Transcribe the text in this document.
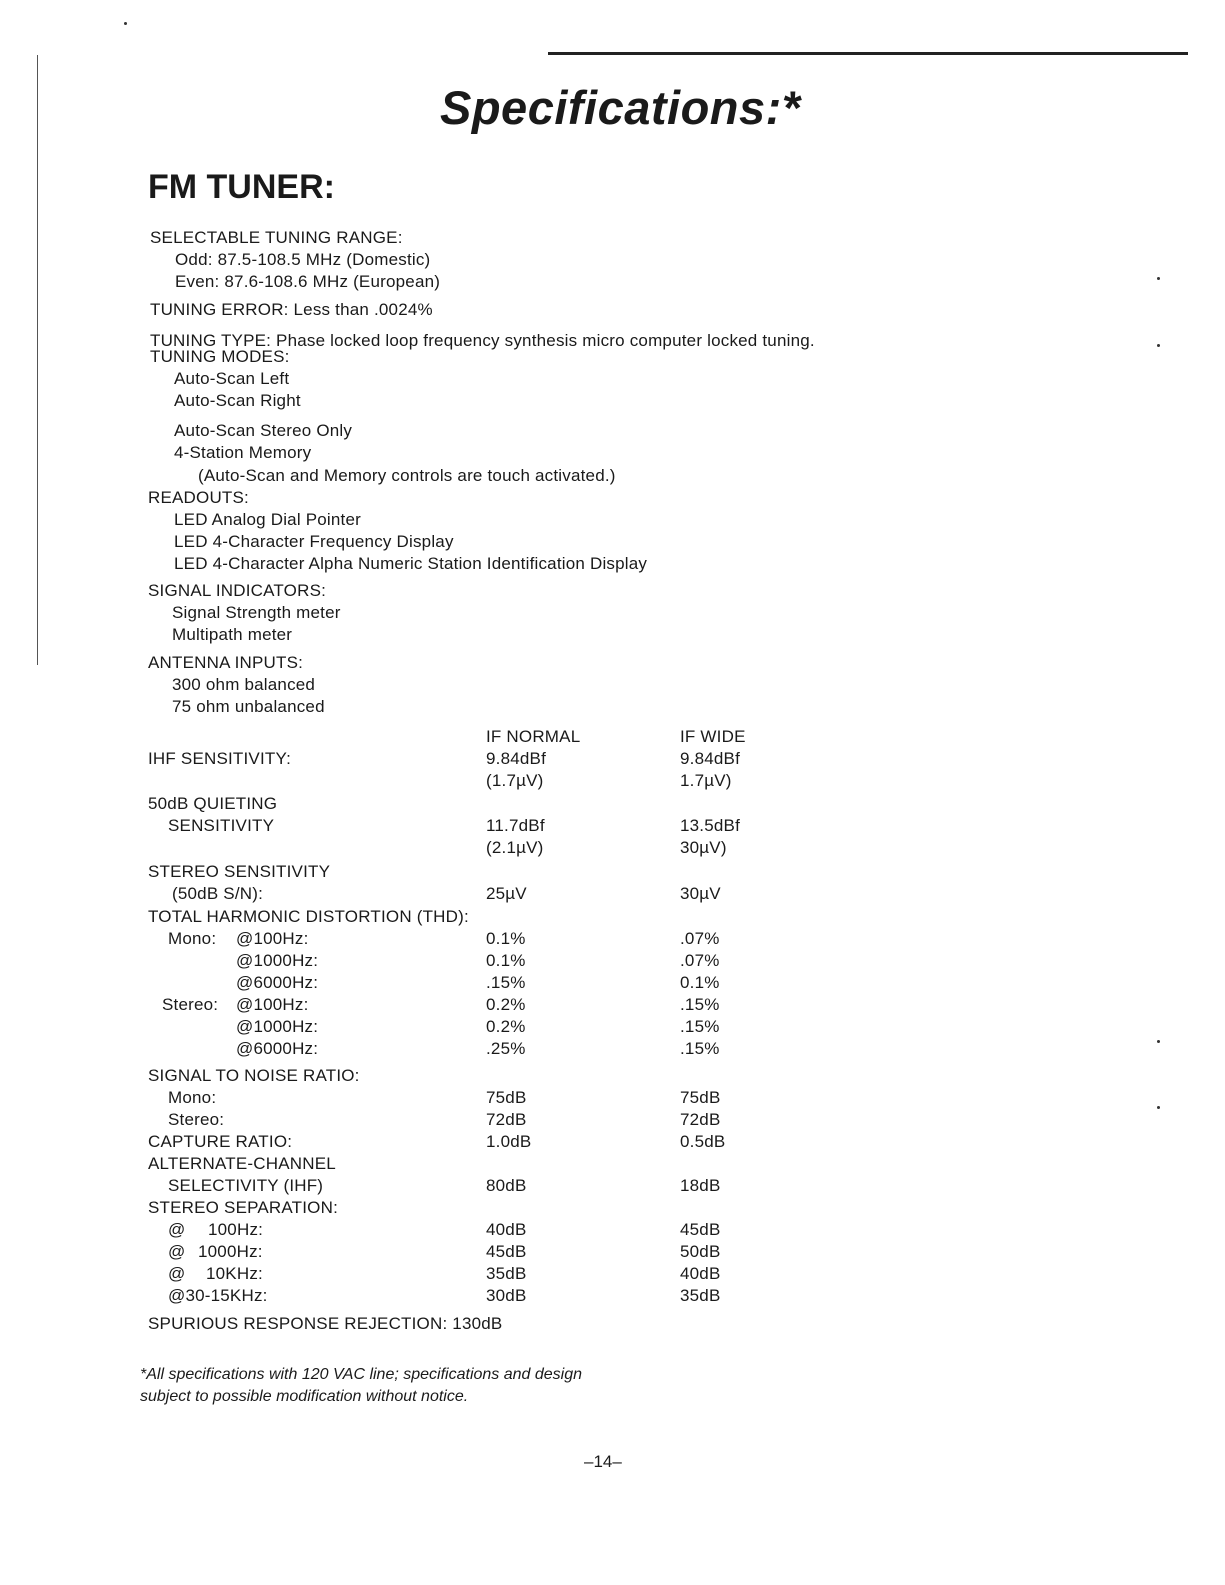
Specifications:*
FM TUNER:
SELECTABLE TUNING RANGE:
Odd: 87.5-108.5 MHz (Domestic)
Even: 87.6-108.6 MHz (European)
TUNING ERROR: Less than .0024%
TUNING TYPE: Phase locked loop frequency synthesis micro computer locked tuning.
TUNING MODES:
Auto-Scan Left
Auto-Scan Right
Auto-Scan Stereo Only
4-Station Memory
(Auto-Scan and Memory controls are touch activated.)
READOUTS:
LED Analog Dial Pointer
LED 4-Character Frequency Display
LED 4-Character Alpha Numeric Station Identification Display
SIGNAL INDICATORS:
Signal Strength meter
Multipath meter
ANTENNA INPUTS:
300 ohm balanced
75 ohm unbalanced
IHF SENSITIVITY:
50dB QUIETING
SENSITIVITY
STEREO SENSITIVITY
(50dB S/N):
TOTAL HARMONIC DISTORTION (THD):
Mono: @100Hz:
@1000Hz:
@6000Hz:
Stereo: @100Hz:
@1000Hz:
@6000Hz:
SIGNAL TO NOISE RATIO:
Mono:
Stereo:
CAPTURE RATIO:
ALTERNATE-CHANNEL
SELECTIVITY (IHF)
STEREO SEPARATION:
@ 100Hz:
@ 1000Hz:
@ 10KHz:
@30-15KHz:
SPURIOUS RESPONSE REJECTION: 130dB
IF NORMAL
9.84dBf
(1.7µV)
11.7dBf
(2.1µV)
25µV
0.1%
0.1%
.15%
0.2%
0.2%
.25%
75dB
72dB
1.0dB
80dB
40dB
45dB
35dB
30dB
IF WIDE
9.84dBf
1.7µV)
13.5dBf
30µV)
30µV
.07%
.07%
0.1%
.15%
.15%
.15%
75dB
72dB
0.5dB
18dB
45dB
50dB
40dB
35dB
*All specifications with 120 VAC line; specifications and design
subject to possible modification without notice.
–14–
